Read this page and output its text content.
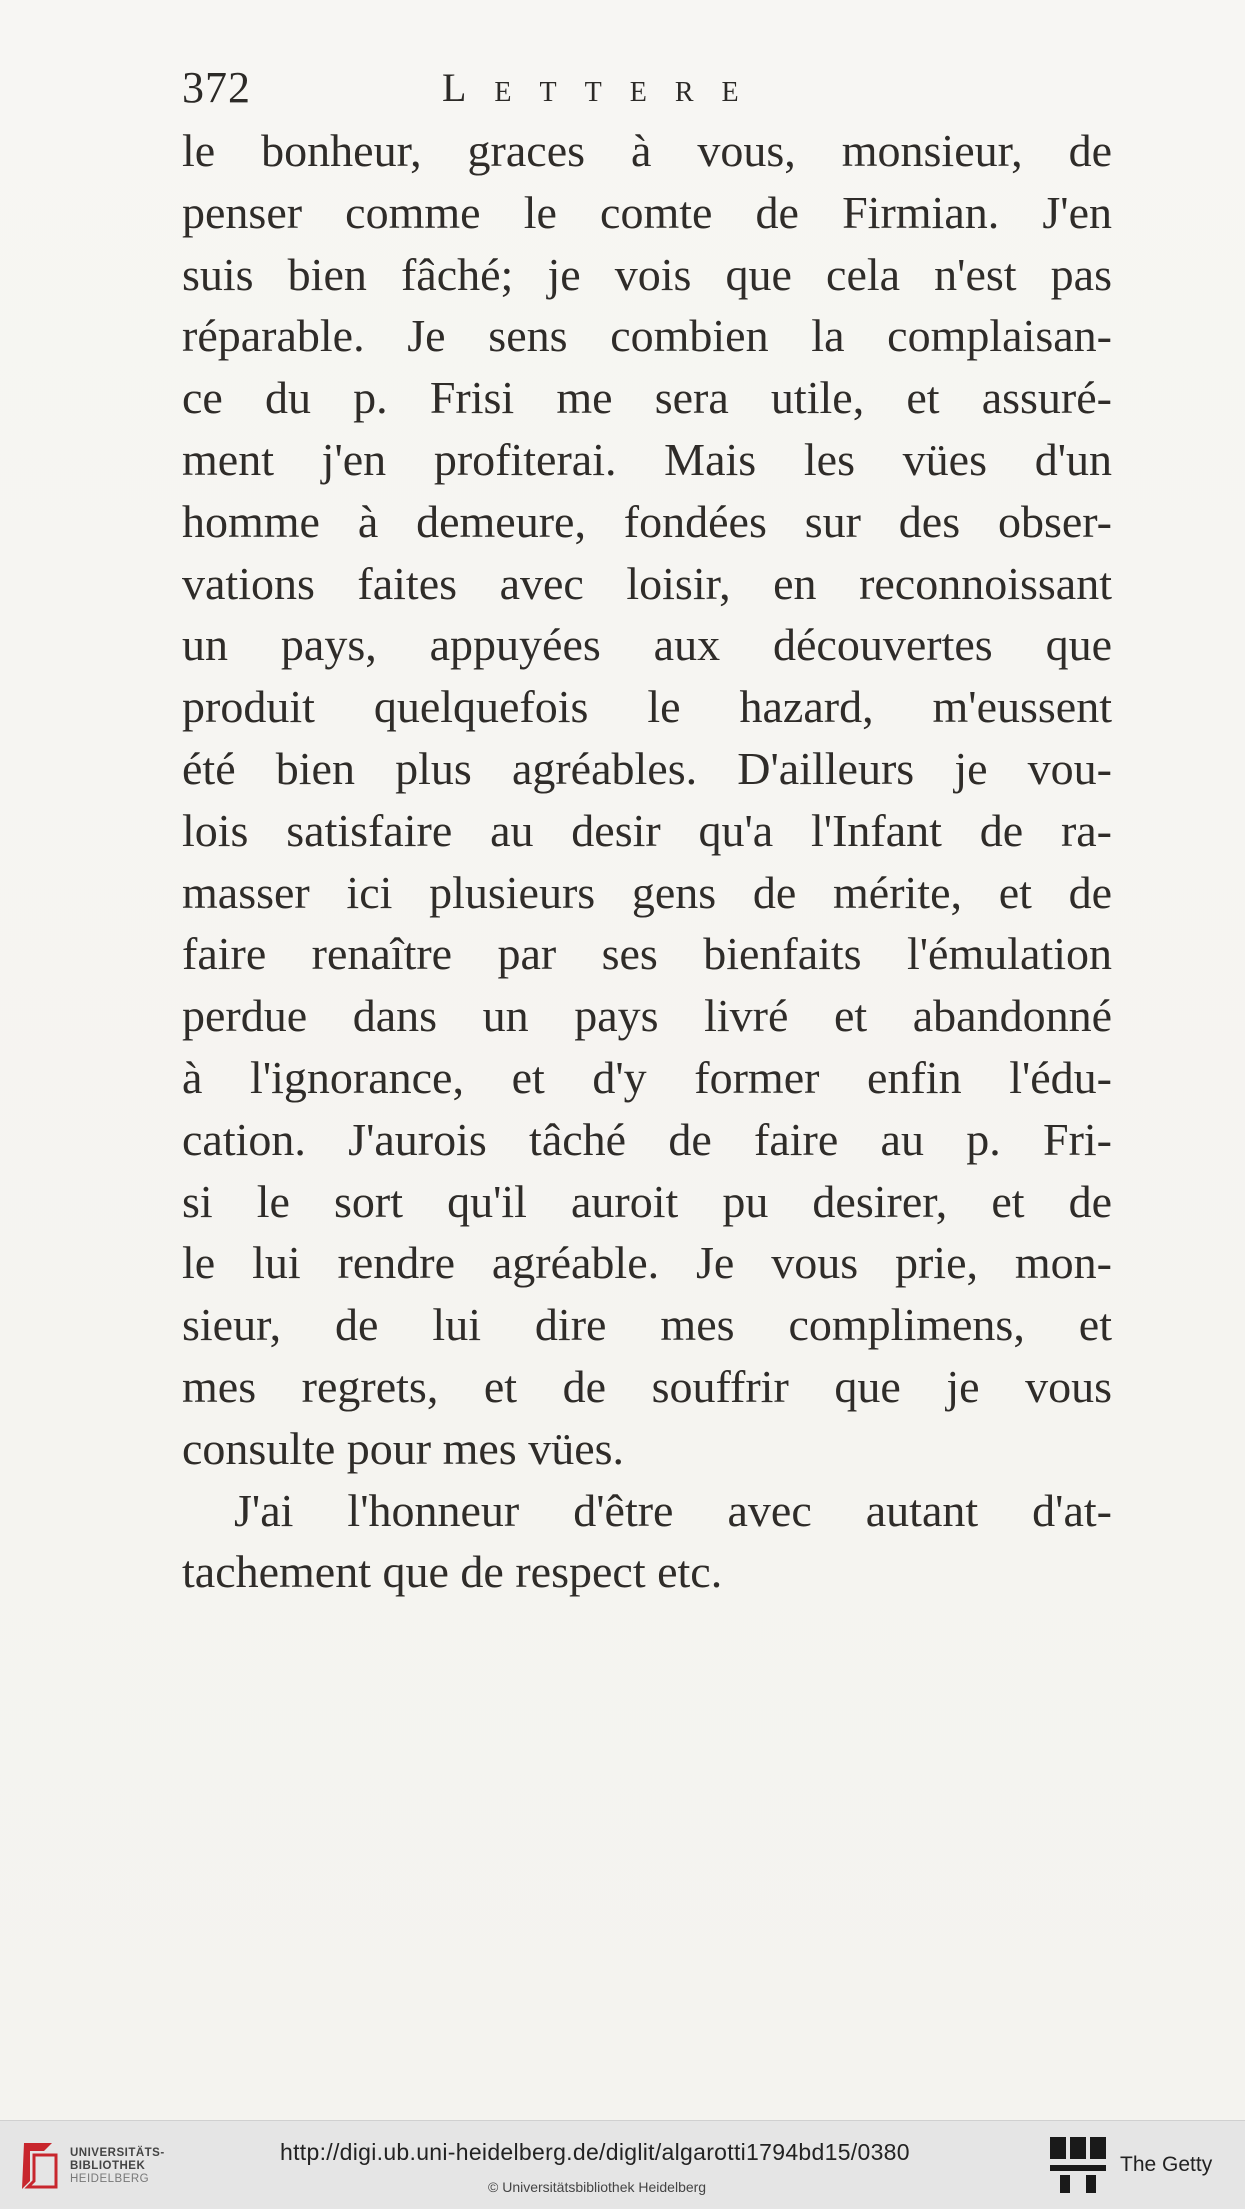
372	Lettere
le bonheur, graces à vous, monsieur, de
penser comme le comte de Firmian. J'en
suis bien fâché; je vois que cela n'est pas
réparable. Je sens combien la complaisan-
ce du p. Frisi me sera utile, et assuré-
ment j'en profiterai. Mais les vües d'un
homme à demeure, fondées sur des obser-
vations faites avec loisir, en reconnoissant
un pays, appuyées aux découvertes que
produit quelquefois le hazard, m'eussent
été bien plus agréables. D'ailleurs je vou-
lois satisfaire au desir qu'a l'Infant de ra-
masser ici plusieurs gens de mérite, et de
faire renaître par ses bienfaits l'émulation
perdue dans un pays livré et abandonné
à l'ignorance, et d'y former enfin l'édu-
cation. J'aurois tâché de faire au p. Fri-
si le sort qu'il auroit pu desirer, et de
le lui rendre agréable. Je vous prie, mon-
sieur, de lui dire mes complimens, et
mes regrets, et de souffrir que je vous
consulte pour mes vües.
J'ai l'honneur d'être avec autant d'at-
tachement que de respect etc.
UNIVERSITÄTS-
BIBLIOTHEK
HEIDELBERG
http://digi.ub.uni-heidelberg.de/diglit/algarotti1794bd15/0380
© Universitätsbibliothek Heidelberg
The Getty
